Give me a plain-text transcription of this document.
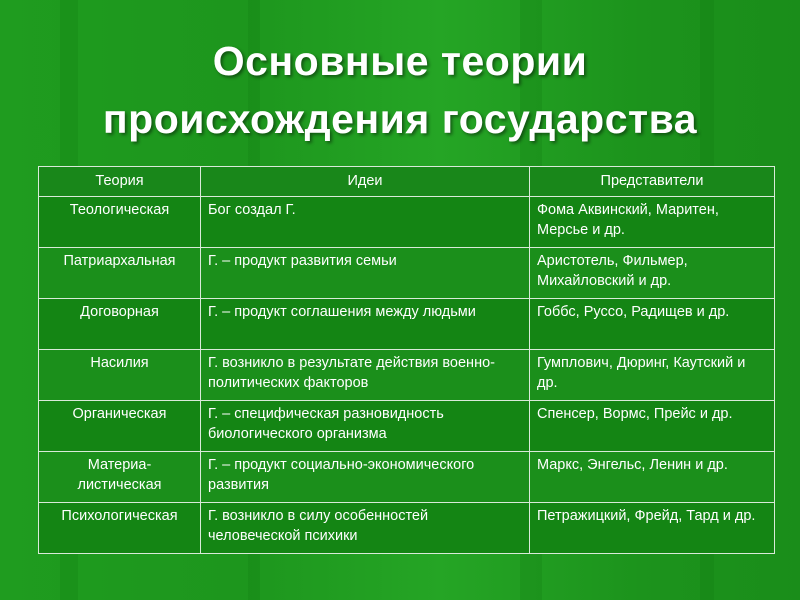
Основные теории
происхождения государства
Теория	Идеи	Представители
Теологическая	Бог создал Г.	Фома Аквинский, Маритен, Мерсье и др.
Патриархальная	Г. – продукт развития семьи	Аристотель, Фильмер, Михайловский и др.
Договорная	Г. – продукт соглашения между людьми	Гоббс, Руссо, Радищев и др.
Насилия	Г. возникло в результате действия военно-политических факторов	Гумплович, Дюринг, Каутский и др.
Органическая	Г. – специфическая разновидность биологического организма	Спенсер, Вормс, Прейс и др.
Материа-листическая	Г. – продукт социально-экономического развития	Маркс, Энгельс, Ленин и др.
Психологическая	Г. возникло в силу особенностей человеческой психики	Петражицкий, Фрейд, Тард и др.
